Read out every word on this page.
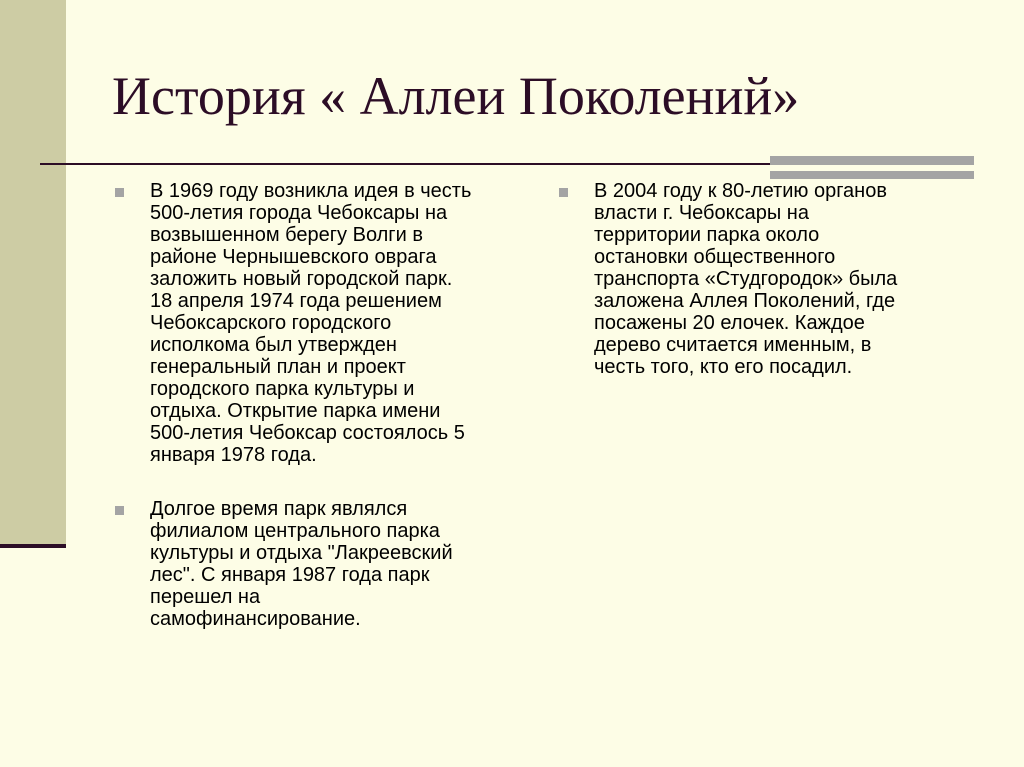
История « Аллеи Поколений»

В 1969 году возникла идея в честь
500-летия города Чебоксары на
возвышенном берегу Волги в
районе Чернышевского оврага
заложить новый городской парк.
18 апреля 1974 года решением
Чебоксарского городского
исполкома был утвержден
генеральный план и проект
городского парка культуры и
отдыха. Открытие парка имени
500-летия Чебоксар состоялось 5
января 1978 года.

Долгое время парк являлся
филиалом центрального парка
культуры и отдыха "Лакреевский
лес". С января 1987 года парк
перешел на
самофинансирование.

В 2004 году к 80-летию органов
власти г. Чебоксары на
территории парка около
остановки общественного
транспорта «Студгородок» была
заложена Аллея Поколений, где
посажены 20 елочек. Каждое
дерево считается именным, в
честь того, кто его посадил.
